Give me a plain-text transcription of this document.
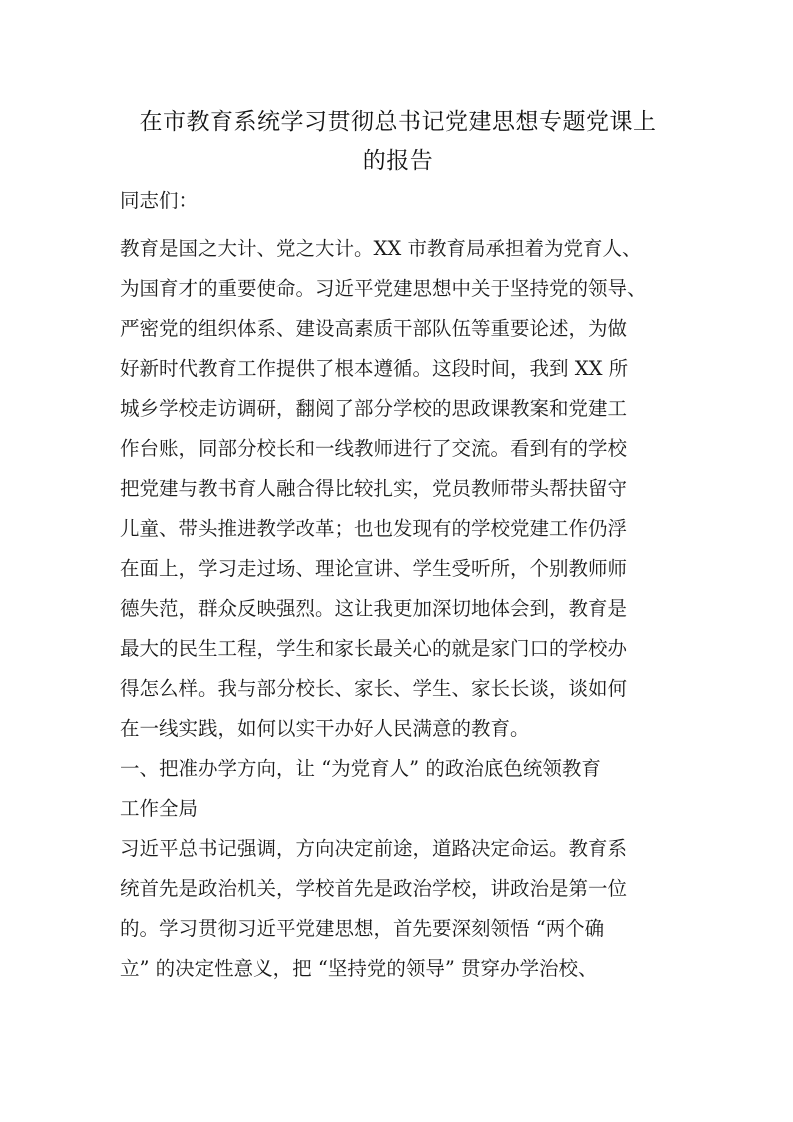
在市教育系统学习贯彻总书记党建思想专题党课上
的报告
同志们：
教育是国之大计、党之大计。XX 市教育局承担着为党育人、
为国育才的重要使命。习近平党建思想中关于坚持党的领导、
严密党的组织体系、建设高素质干部队伍等重要论述，为做
好新时代教育工作提供了根本遵循。这段时间，我到 XX 所
城乡学校走访调研，翻阅了部分学校的思政课教案和党建工
作台账，同部分校长和一线教师进行了交流。看到有的学校
把党建与教书育人融合得比较扎实，党员教师带头帮扶留守
儿童、带头推进教学改革；也也发现有的学校党建工作仍浮
在面上，学习走过场、理论宣讲、学生受听所，个别教师师
德失范，群众反映强烈。这让我更加深切地体会到，教育是
最大的民生工程，学生和家长最关心的就是家门口的学校办
得怎么样。我与部分校长、家长、学生、家长长谈，谈如何
在一线实践，如何以实干办好人民满意的教育。
一、把准办学方向，让 “为党育人” 的政治底色统领教育
工作全局
习近平总书记强调，方向决定前途，道路决定命运。教育系
统首先是政治机关，学校首先是政治学校，讲政治是第一位
的。学习贯彻习近平党建思想，首先要深刻领悟 “两个确
立” 的决定性意义，把 “坚持党的领导” 贯穿办学治校、
